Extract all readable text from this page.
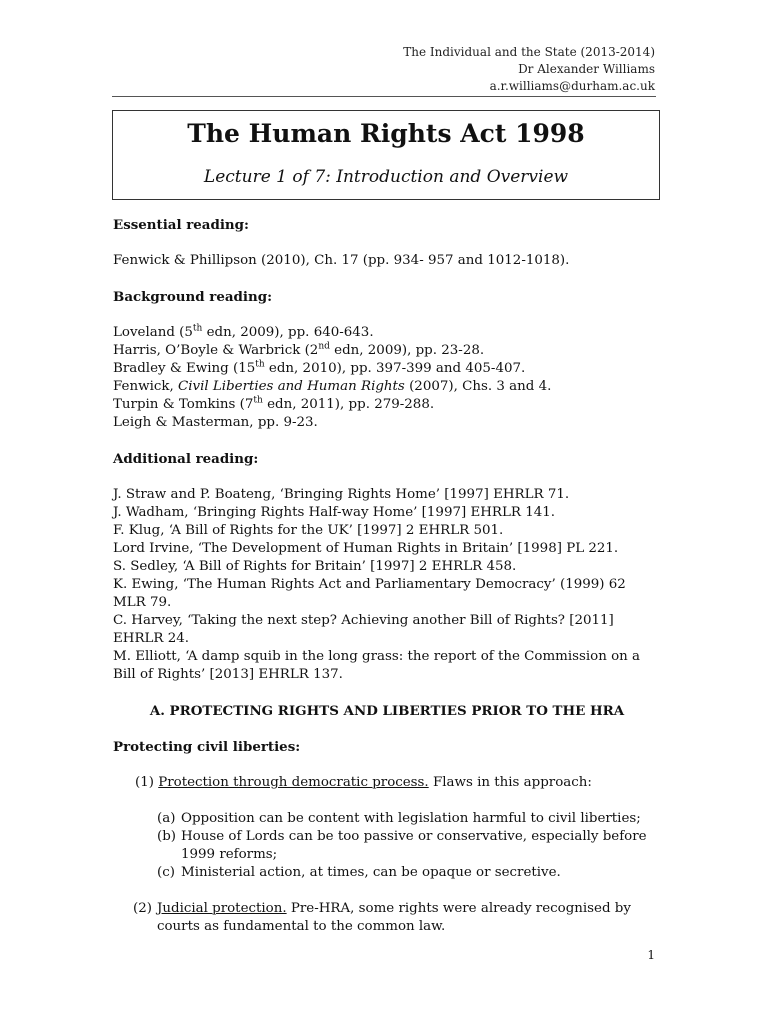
The Individual and the State (2013-2014)
Dr Alexander Williams
a.r.williams@durham.ac.uk
The Human Rights Act 1998
Lecture 1 of 7: Introduction and Overview

Essential reading:

Fenwick & Phillipson (2010), Ch. 17 (pp. 934- 957 and 1012-1018).

Background reading:

Loveland (5th edn, 2009), pp. 640-643.

Harris, O’Boyle & Warbrick (2nd edn, 2009), pp. 23-28.

Bradley & Ewing (15th edn, 2010), pp. 397-399 and 405-407.

Fenwick, Civil Liberties and Human Rights (2007), Chs. 3 and 4.

Turpin & Tomkins (7th edn, 2011), pp. 279-288.

Leigh & Masterman, pp. 9-23.

Additional reading:

J. Straw and P. Boateng, ‘Bringing Rights Home’ [1997] EHRLR 71.

J. Wadham, ‘Bringing Rights Half-way Home’ [1997] EHRLR 141.

F. Klug, ‘A Bill of Rights for the UK’ [1997] 2 EHRLR 501.

Lord Irvine, ‘The Development of Human Rights in Britain’ [1998] PL 221.

S. Sedley, ‘A Bill of Rights for Britain’ [1997] 2 EHRLR 458.

K. Ewing, ‘The Human Rights Act and Parliamentary Democracy’ (1999) 62 MLR 79.

C. Harvey, ‘Taking the next step? Achieving another Bill of Rights? [2011] EHRLR 24.

M. Elliott, ‘A damp squib in the long grass: the report of the Commission on a Bill of Rights’ [2013] EHRLR 137.

A. PROTECTING RIGHTS AND LIBERTIES PRIOR TO THE HRA

Protecting civil liberties:

(1) Protection through democratic process. Flaws in this approach:

(a) Opposition can be content with legislation harmful to civil liberties;
(b) House of Lords can be too passive or conservative, especially before 1999 reforms;
(c) Ministerial action, at times, can be opaque or secretive.
(2) Judicial protection. Pre-HRA, some rights were already recognised by courts as fundamental to the common law.
1
